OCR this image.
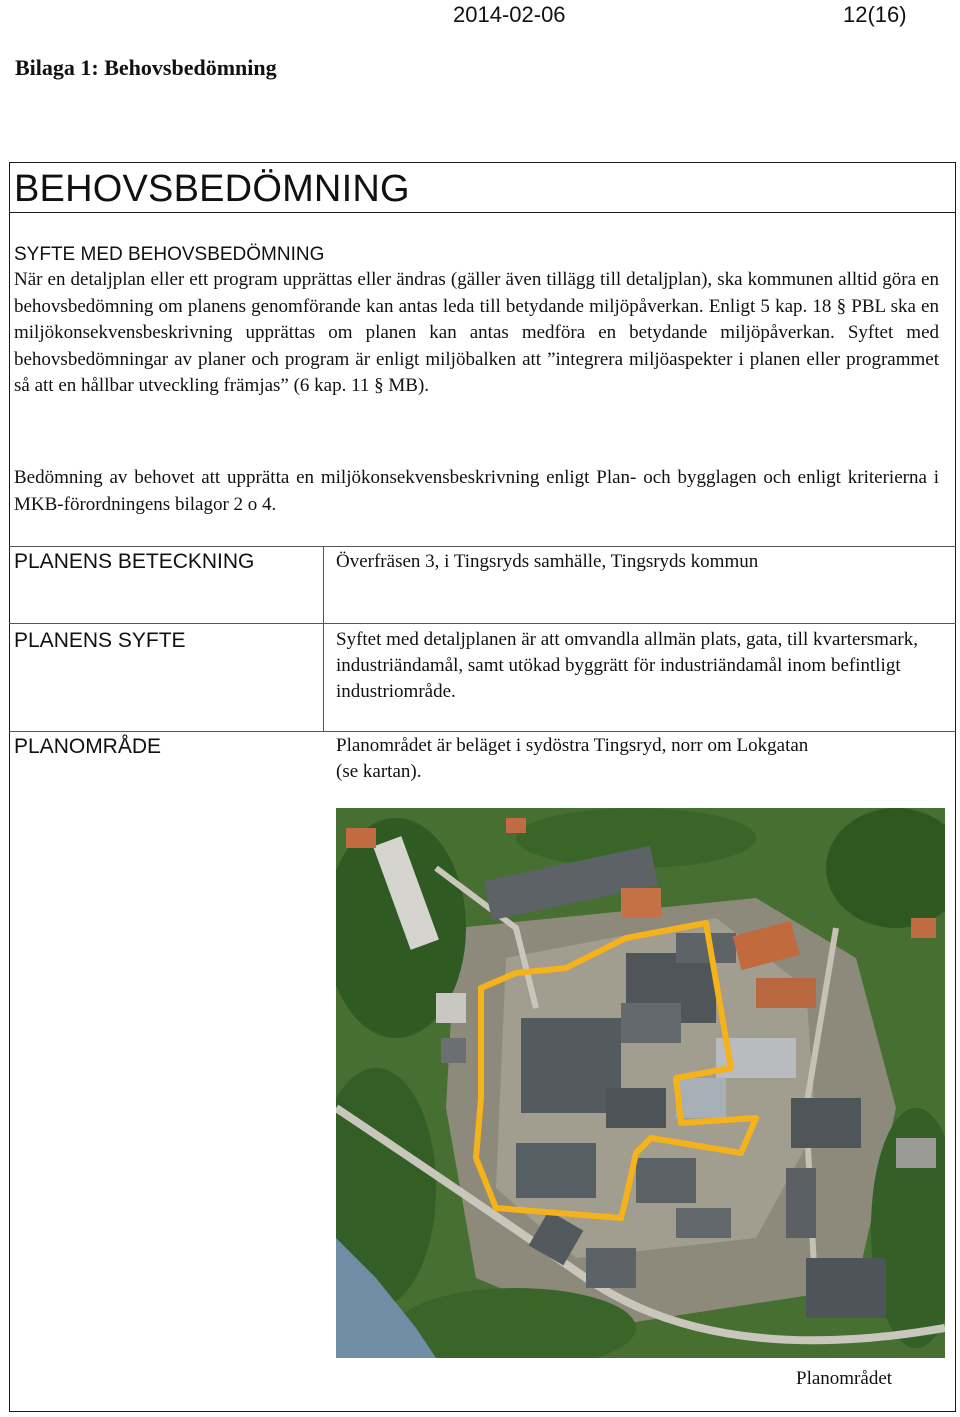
2014-02-06	12(16)
Bilaga 1: Behovsbedömning
BEHOVSBEDÖMNING
SYFTE MED BEHOVSBEDÖMNING

När en detaljplan eller ett program upprättas eller ändras (gäller även tillägg till detaljplan), ska kommunen alltid göra en behovsbedömning om planens genomförande kan antas leda till betydande miljöpåverkan. Enligt 5 kap. 18 § PBL ska en miljökonsekvensbeskrivning upprättas om planen kan antas medföra en betydande miljöpåverkan. Syftet med behovsbedömningar av planer och program är enligt miljöbalken att ”integrera miljöaspekter i planen eller programmet så att en hållbar utveckling främjas” (6 kap. 11 § MB).

Bedömning av behovet att upprätta en miljökonsekvensbeskrivning enligt Plan- och bygglagen och enligt kriterierna i MKB-förordningens bilagor 2 o 4.

PLANENS BETECKNING	Överfräsen 3, i Tingsryds samhälle, Tingsryds kommun

PLANENS SYFTE	Syftet med detaljplanen är att omvandla allmän plats, gata, till kvartersmark, industriändamål, samt utökad byggrätt för industriändamål inom befintligt industriområde.

PLANOMRÅDE	Planområdet är beläget i sydöstra Tingsryd, norr om Lokgatan (se kartan).

Planområdet
